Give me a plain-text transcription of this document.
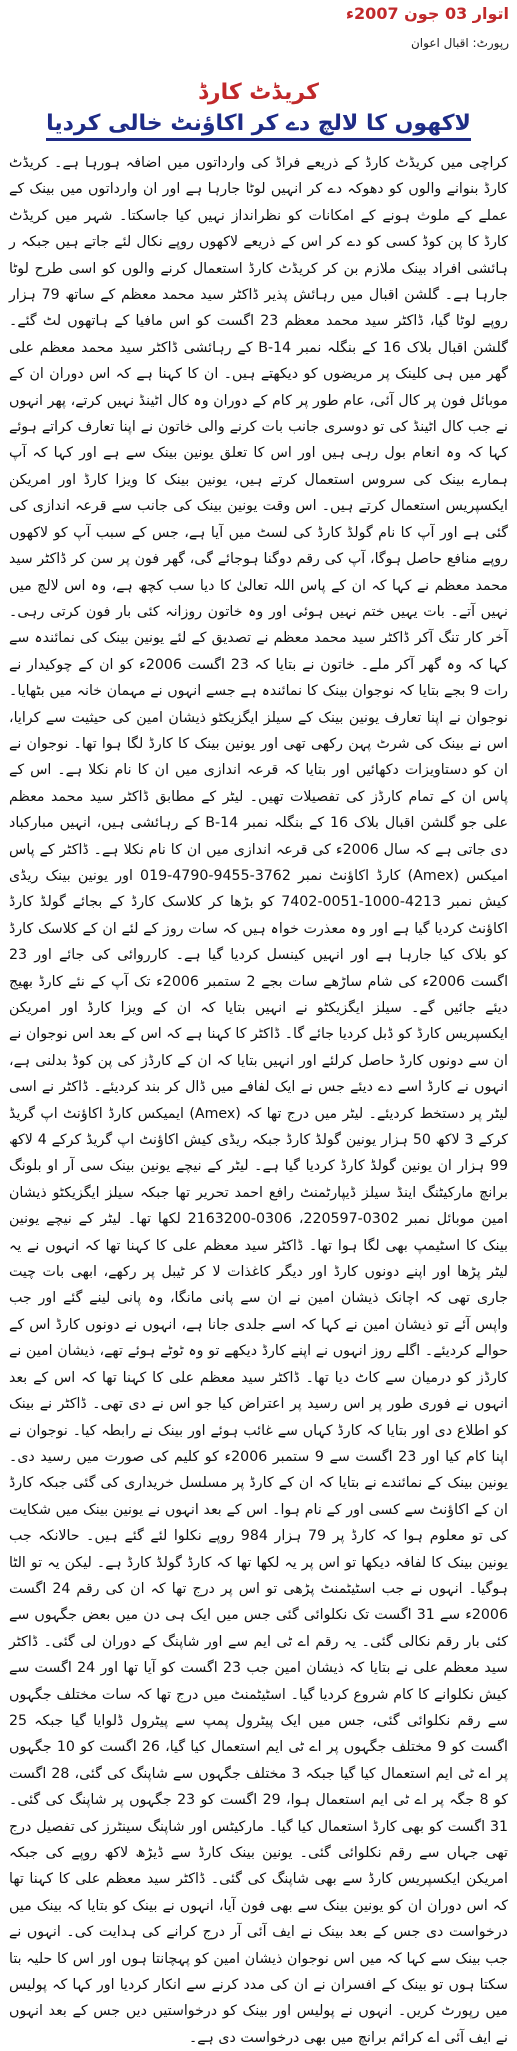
اتوار 03 جون 2007ء
رپورٹ: اقبال اعوان
کریڈٹ کارڈ
لاکھوں کا لالچ دے کر اکاؤنٹ خالی کردیا

کراچی میں کریڈٹ کارڈ کے ذریعے فراڈ کی وارداتوں میں اضافہ ہورہا ہے۔ کریڈٹ کارڈ بنوانے والوں کو دھوکہ دے کر انہیں لوٹا جارہا ہے اور ان وارداتوں میں بینک کے عملے کے ملوث ہونے کے امکانات کو نظرانداز نہیں کیا جاسکتا۔ شہر میں کریڈٹ کارڈ کا پن کوڈ کسی کو دے کر اس کے ذریعے لاکھوں روپے نکال لئے جاتے ہیں جبکہ ر ہائشی افراد بینک ملازم بن کر کریڈٹ کارڈ استعمال کرنے والوں کو اسی طرح لوٹا جارہا ہے۔ گلشن اقبال میں رہائش پذیر ڈاکٹر سید محمد معظم کے ساتھ 79 ہزار روپے لوٹا گیا، ڈاکٹر سید محمد معظم 23 اگست کو اس مافیا کے ہاتھوں لٹ گئے۔ گلشن اقبال بلاک 16 کے بنگلہ نمبر B-14 کے رہائشی ڈاکٹر سید محمد معظم علی گھر میں ہی کلینک پر مریضوں کو دیکھتے ہیں۔ ان کا کہنا ہے کہ اس دوران ان کے موبائل فون پر کال آئی، عام طور پر کام کے دوران وہ کال اٹینڈ نہیں کرتے، پھر انہوں نے جب کال اٹینڈ کی تو دوسری جانب بات کرنے والی خاتون نے اپنا تعارف کراتے ہوئے کہا کہ وہ انعام بول رہی ہیں اور اس کا تعلق یونین بینک سے ہے اور کہا کہ آپ ہمارے بینک کی سروس استعمال کرتے ہیں، یونین بینک کا ویزا کارڈ اور امریکن ایکسپریس استعمال کرتے ہیں۔ اس وقت یونین بینک کی جانب سے قرعہ اندازی کی گئی ہے اور آپ کا نام گولڈ کارڈ کی لسٹ میں آیا ہے، جس کے سبب آپ کو لاکھوں روپے منافع حاصل ہوگا، آپ کی رقم دوگنا ہوجائے گی، گھر فون پر سن کر ڈاکٹر سید محمد معظم نے کہا کہ ان کے پاس اللہ تعالیٰ کا دیا سب کچھ ہے، وہ اس لالچ میں نہیں آتے۔ بات یہیں ختم نہیں ہوئی اور وہ خاتون روزانہ کئی بار فون کرتی رہی۔ آخر کار تنگ آکر ڈاکٹر سید محمد معظم نے تصدیق کے لئے یونین بینک کی نمائندہ سے کہا کہ وہ گھر آکر ملے۔ خاتون نے بتایا کہ 23 اگست 2006ء کو ان کے چوکیدار نے رات 9 بجے بتایا کہ نوجوان بینک کا نمائندہ ہے جسے انہوں نے مہمان خانہ میں بٹھایا۔ نوجوان نے اپنا تعارف یونین بینک کے سیلز ایگزیکٹو ذیشان امین کی حیثیت سے کرایا، اس نے بینک کی شرٹ پہن رکھی تھی اور یونین بینک کا کارڈ لگا ہوا تھا۔ نوجوان نے ان کو دستاویزات دکھائیں اور بتایا کہ قرعہ اندازی میں ان کا نام نکلا ہے۔ اس کے پاس ان کے تمام کارڈز کی تفصیلات تھیں۔ لیٹر کے مطابق ڈاکٹر سید محمد معظم علی جو گلشن اقبال بلاک 16 کے بنگلہ نمبر B-14 کے رہائشی ہیں، انہیں مبارکباد دی جاتی ہے کہ سال 2006ء کی قرعہ اندازی میں ان کا نام نکلا ہے۔ ڈاکٹر کے پاس امیکس (Amex) کارڈ اکاؤنٹ نمبر 3762-9455-4790-019 اور یونین بینک ریڈی کیش نمبر 4213-1000-0051-7402 کو بڑھا کر کلاسک کارڈ کے بجائے گولڈ کارڈ اکاؤنٹ کردیا گیا ہے اور وہ معذرت خواہ ہیں کہ سات روز کے لئے ان کے کلاسک کارڈ کو بلاک کیا جارہا ہے اور انہیں کینسل کردیا گیا ہے۔ کارروائی کی جائے اور 23 اگست 2006ء کی شام ساڑھے سات بجے 2 ستمبر 2006ء تک آپ کے نئے کارڈ بھیج دیئے جائیں گے۔ سیلز ایگزیکٹو نے انہیں بتایا کہ ان کے ویزا کارڈ اور امریکن ایکسپریس کارڈ کو ڈبل کردیا جائے گا۔ ڈاکٹر کا کہنا ہے کہ اس کے بعد اس نوجوان نے ان سے دونوں کارڈ حاصل کرلئے اور انہیں بتایا کہ ان کے کارڈز کی پن کوڈ بدلنی ہے، انہوں نے کارڈ اسے دے دیئے جس نے ایک لفافے میں ڈال کر بند کردیئے۔ ڈاکٹر نے اسی لیٹر پر دستخط کردیئے۔ لیٹر میں درج تھا کہ (Amex) ایمیکس کارڈ اکاؤنٹ اپ گریڈ کرکے 3 لاکھ 50 ہزار یونین گولڈ کارڈ جبکہ ریڈی کیش اکاؤنٹ اپ گریڈ کرکے 4 لاکھ 99 ہزار ان یونین گولڈ کارڈ کردیا گیا ہے۔ لیٹر کے نیچے یونین بینک سی آر او بلونگ برانچ مارکیٹنگ اینڈ سیلز ڈیپارٹمنٹ رافع احمد تحریر تھا جبکہ سیلز ایگزیکٹو ذیشان امین موبائل نمبر 0302-220597، 0306-2163200 لکھا تھا۔ لیٹر کے نیچے یونین بینک کا اسٹیمپ بھی لگا ہوا تھا۔ ڈاکٹر سید معظم علی کا کہنا تھا کہ انہوں نے یہ لیٹر پڑھا اور اپنے دونوں کارڈ اور دیگر کاغذات لا کر ٹیبل پر رکھے، ابھی بات چیت جاری تھی کہ اچانک ذیشان امین نے ان سے پانی مانگا، وہ پانی لینے گئے اور جب واپس آئے تو ذیشان امین نے کہا کہ اسے جلدی جانا ہے، انہوں نے دونوں کارڈ اس کے حوالے کردیئے۔ اگلے روز انہوں نے اپنے کارڈ دیکھے تو وہ ٹوٹے ہوئے تھے، ذیشان امین نے کارڈز کو درمیان سے کاٹ دیا تھا۔ ڈاکٹر سید معظم علی کا کہنا تھا کہ اس کے بعد انہوں نے فوری طور پر اس رسید پر اعتراض کیا جو اس نے دی تھی۔ ڈاکٹر نے بینک کو اطلاع دی اور بتایا کہ کارڈ کہاں سے غائب ہوئے اور بینک نے رابطہ کیا۔ نوجوان نے اپنا کام کیا اور 23 اگست سے 9 ستمبر 2006ء کو کلیم کی صورت میں رسید دی۔ یونین بینک کے نمائندے نے بتایا کہ ان کے کارڈ پر مسلسل خریداری کی گئی جبکہ کارڈ ان کے اکاؤنٹ سے کسی اور کے نام ہوا۔ اس کے بعد انہوں نے یونین بینک میں شکایت کی تو معلوم ہوا کہ کارڈ پر 79 ہزار 984 روپے نکلوا لئے گئے ہیں۔ حالانکہ جب یونین بینک کا لفافہ دیکھا تو اس پر یہ لکھا تھا کہ کارڈ گولڈ کارڈ ہے۔ لیکن یہ تو الٹا ہوگیا۔ انہوں نے جب اسٹیٹمنٹ پڑھی تو اس پر درج تھا کہ ان کی رقم 24 اگست 2006ء سے 31 اگست تک نکلوائی گئی جس میں ایک ہی دن میں بعض جگہوں سے کئی بار رقم نکالی گئی۔ یہ رقم اے ٹی ایم سے اور شاپنگ کے دوران لی گئی۔ ڈاکٹر سید معظم علی نے بتایا کہ ذیشان امین جب 23 اگست کو آیا تھا اور 24 اگست سے کیش نکلوانے کا کام شروع کردیا گیا۔ اسٹیٹمنٹ میں درج تھا کہ سات مختلف جگہوں سے رقم نکلوائی گئی، جس میں ایک پیٹرول پمپ سے پیٹرول ڈلوایا گیا جبکہ 25 اگست کو 9 مختلف جگہوں پر اے ٹی ایم استعمال کیا گیا، 26 اگست کو 10 جگہوں پر اے ٹی ایم استعمال کیا گیا جبکہ 3 مختلف جگہوں سے شاپنگ کی گئی، 28 اگست کو 8 جگہ پر اے ٹی ایم استعمال ہوا، 29 اگست کو 23 جگہوں پر شاپنگ کی گئی۔ 31 اگست کو بھی کارڈ استعمال کیا گیا۔ مارکیٹس اور شاپنگ سینٹرز کی تفصیل درج تھی جہاں سے رقم نکلوائی گئی۔ یونین بینک کارڈ سے ڈیڑھ لاکھ روپے کی جبکہ امریکن ایکسپریس کارڈ سے بھی شاپنگ کی گئی۔ ڈاکٹر سید معظم علی کا کہنا تھا کہ اس دوران ان کو یونین بینک سے بھی فون آیا، انہوں نے بینک کو بتایا کہ بینک میں درخواست دی جس کے بعد بینک نے ایف آئی آر درج کرانے کی ہدایت کی۔ انہوں نے جب بینک سے کہا کہ میں اس نوجوان ذیشان امین کو پہچانتا ہوں اور اس کا حلیہ بتا سکتا ہوں تو بینک کے افسران نے ان کی مدد کرنے سے انکار کردیا اور کہا کہ پولیس میں رپورٹ کریں۔ انہوں نے پولیس اور بینک کو درخواستیں دیں جس کے بعد انہوں نے ایف آئی اے کرائم برانچ میں بھی درخواست دی ہے۔
